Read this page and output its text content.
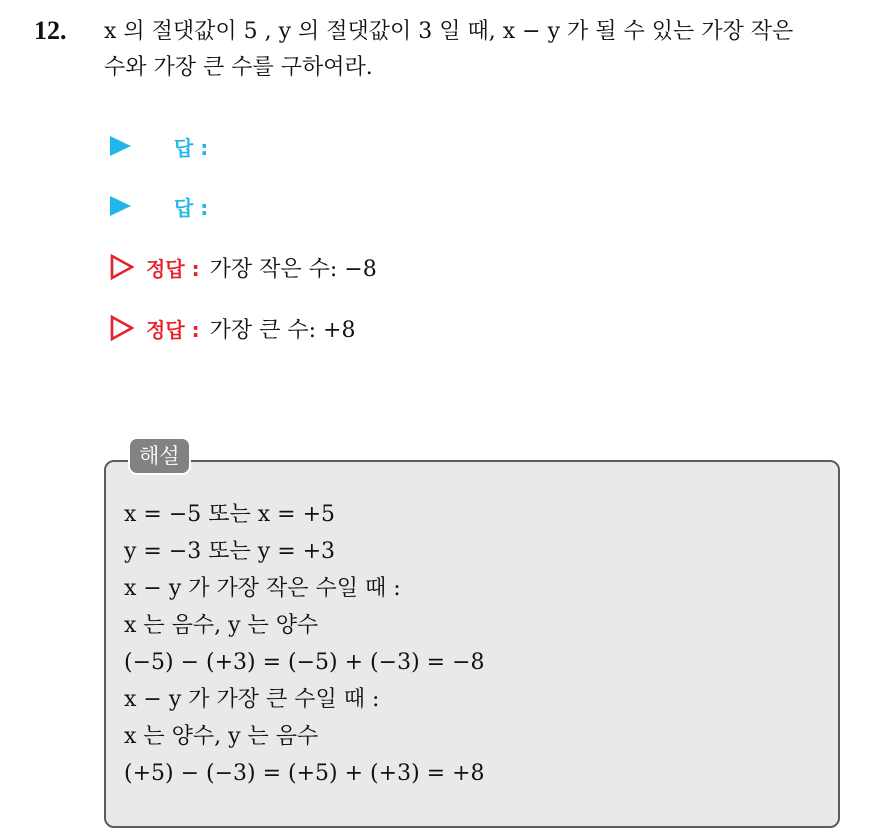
12. x 의 절댓값이 5 , y 의 절댓값이 3 일 때, x − y 가 될 수 있는 가장 작은
수와 가장 큰 수를 구하여라.
답 :
답 :
정답 : 가장 작은 수: −8
정답 : 가장 큰 수: +8
해설
x = −5 또는 x = +5
y = −3 또는 y = +3
x − y 가 가장 작은 수일 때 :
x 는 음수, y 는 양수
(−5) − (+3) = (−5) + (−3) = −8
x − y 가 가장 큰 수일 때 :
x 는 양수, y 는 음수
(+5) − (−3) = (+5) + (+3) = +8
